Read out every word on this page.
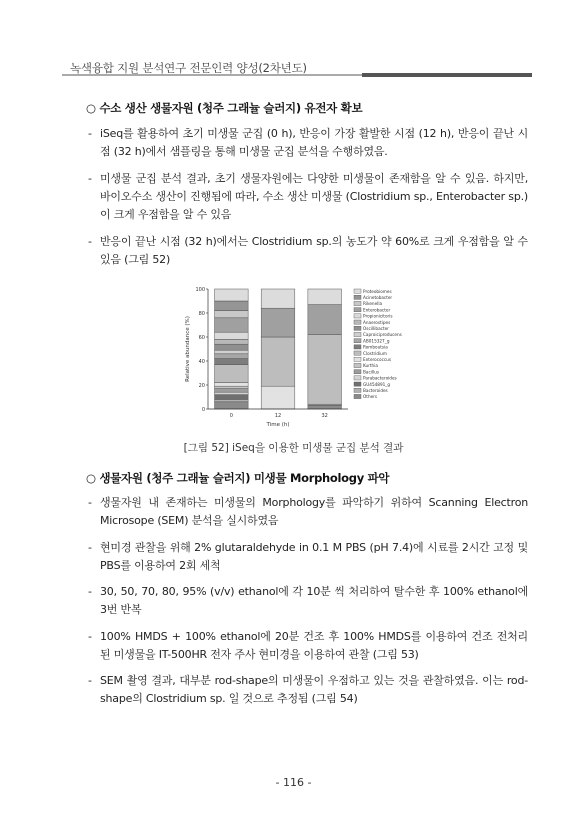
녹색융합 지원 분석연구 전문인력 양성(2차년도)
○ 수소 생산 생물자원 (청주 그래뉼 슬러지) 유전자 확보
- iSeq를 활용하여 초기 미생물 군집 (0 h), 반응이 가장 활발한 시점 (12 h), 반응이 끝난 시점 (32 h)에서 샘플링을 통해 미생물 군집 분석을 수행하였음.
- 미생물 군집 분석 결과, 초기 생물자원에는 다양한 미생물이 존재함을 알 수 있음. 하지만, 바이오수소 생산이 진행됨에 따라, 수소 생산 미생물 (Clostridium sp., Enterobacter sp.)이 크게 우점함을 알 수 있음
- 반응이 끝난 시점 (32 h)에서는 Clostridium sp.의 농도가 약 60%로 크게 우점함을 알 수 있음 (그림 52)
0	12	32
0
20
40
60
80
100
Time (h)
Relative abundance (%)
Proteobiomes
Acinetobacter
Rikenella
Enterobacter
Propionicitoris
Anaerostipes
Oscillibacter
Caproiciproducens
AB015327_g
Romboutsia
Clostridium
Enterococcus
Kurthia
Bacillus
Parabacteroides
GU454891_g
Bacteroides
Others
[그림 52] iSeq을 이용한 미생물 군집 분석 결과
○ 생물자원 (청주 그래뉼 슬러지) 미생물 Morphology 파악
- 생물자원 내 존재하는 미생물의 Morphology를 파악하기 위하여 Scanning Electron Microsope (SEM) 분석을 실시하였음
- 현미경 관찰을 위해 2% glutaraldehyde in 0.1 M PBS (pH 7.4)에 시료를 2시간 고정 및 PBS를 이용하여 2회 세척
- 30, 50, 70, 80, 95% (v/v) ethanol에 각 10분 씩 처리하여 탈수한 후 100% ethanol에 3번 반복
- 100% HMDS + 100% ethanol에 20분 건조 후 100% HMDS를 이용하여 건조 전처리 된 미생물을 IT-500HR 전자 주사 현미경을 이용하여 관찰 (그림 53)
- SEM 촬영 결과, 대부분 rod-shape의 미생물이 우점하고 있는 것을 관찰하였음. 이는 rod-shape의 Clostridium sp. 일 것으로 추정됨 (그림 54)
- 116 -
